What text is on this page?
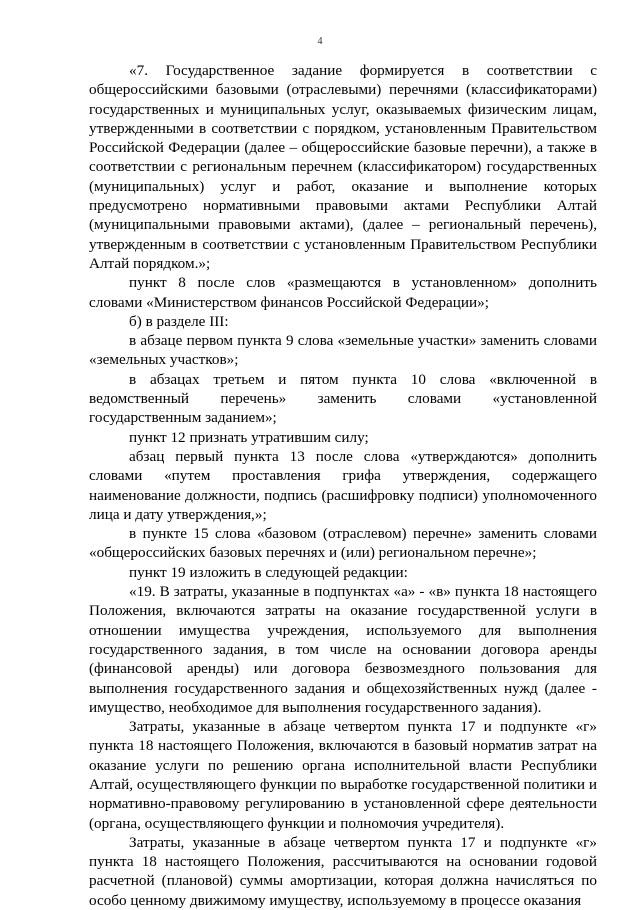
4

«7. Государственное задание формируется в соответствии с общероссийскими базовыми (отраслевыми) перечнями (классификаторами) государственных и муниципальных услуг, оказываемых физическим лицам, утвержденными в соответствии с порядком, установленным Правительством Российской Федерации (далее – общероссийские базовые перечни), а также в соответствии с региональным перечнем (классификатором) государственных (муниципальных) услуг и работ, оказание и выполнение которых предусмотрено нормативными правовыми актами Республики Алтай (муниципальными правовыми актами), (далее – региональный перечень), утвержденным в соответствии с установленным Правительством Республики Алтай порядком.»;

пункт 8 после слов «размещаются в установленном» дополнить словами «Министерством финансов Российской Федерации»;

б) в разделе III:

в абзаце первом пункта 9 слова «земельные участки» заменить словами «земельных участков»;

в абзацах третьем и пятом пункта 10 слова «включенной в ведомственный перечень» заменить словами «установленной государственным заданием»;

пункт 12 признать утратившим силу;

абзац первый пункта 13 после слова «утверждаются» дополнить словами «путем проставления грифа утверждения, содержащего наименование должности, подпись (расшифровку подписи) уполномоченного лица и дату утверждения,»;

в пункте 15 слова «базовом (отраслевом) перечне» заменить словами «общероссийских базовых перечнях и (или) региональном перечне»;

пункт 19 изложить в следующей редакции:

«19. В затраты, указанные в подпунктах «а» - «в» пункта 18 настоящего Положения, включаются затраты на оказание государственной услуги в отношении имущества учреждения, используемого для выполнения государственного задания, в том числе на основании договора аренды (финансовой аренды) или договора безвозмездного пользования для выполнения государственного задания и общехозяйственных нужд (далее - имущество, необходимое для выполнения государственного задания).

Затраты, указанные в абзаце четвертом пункта 17 и подпункте «г» пункта 18 настоящего Положения, включаются в базовый норматив затрат на оказание услуги по решению органа исполнительной власти Республики Алтай, осуществляющего функции по выработке государственной политики и нормативно-правовому регулированию в установленной сфере деятельности (органа, осуществляющего функции и полномочия учредителя).

Затраты, указанные в абзаце четвертом пункта 17 и подпункте «г» пункта 18 настоящего Положения, рассчитываются на основании годовой расчетной (плановой) суммы амортизации, которая должна начисляться по особо ценному движимому имуществу, используемому в процессе оказания
